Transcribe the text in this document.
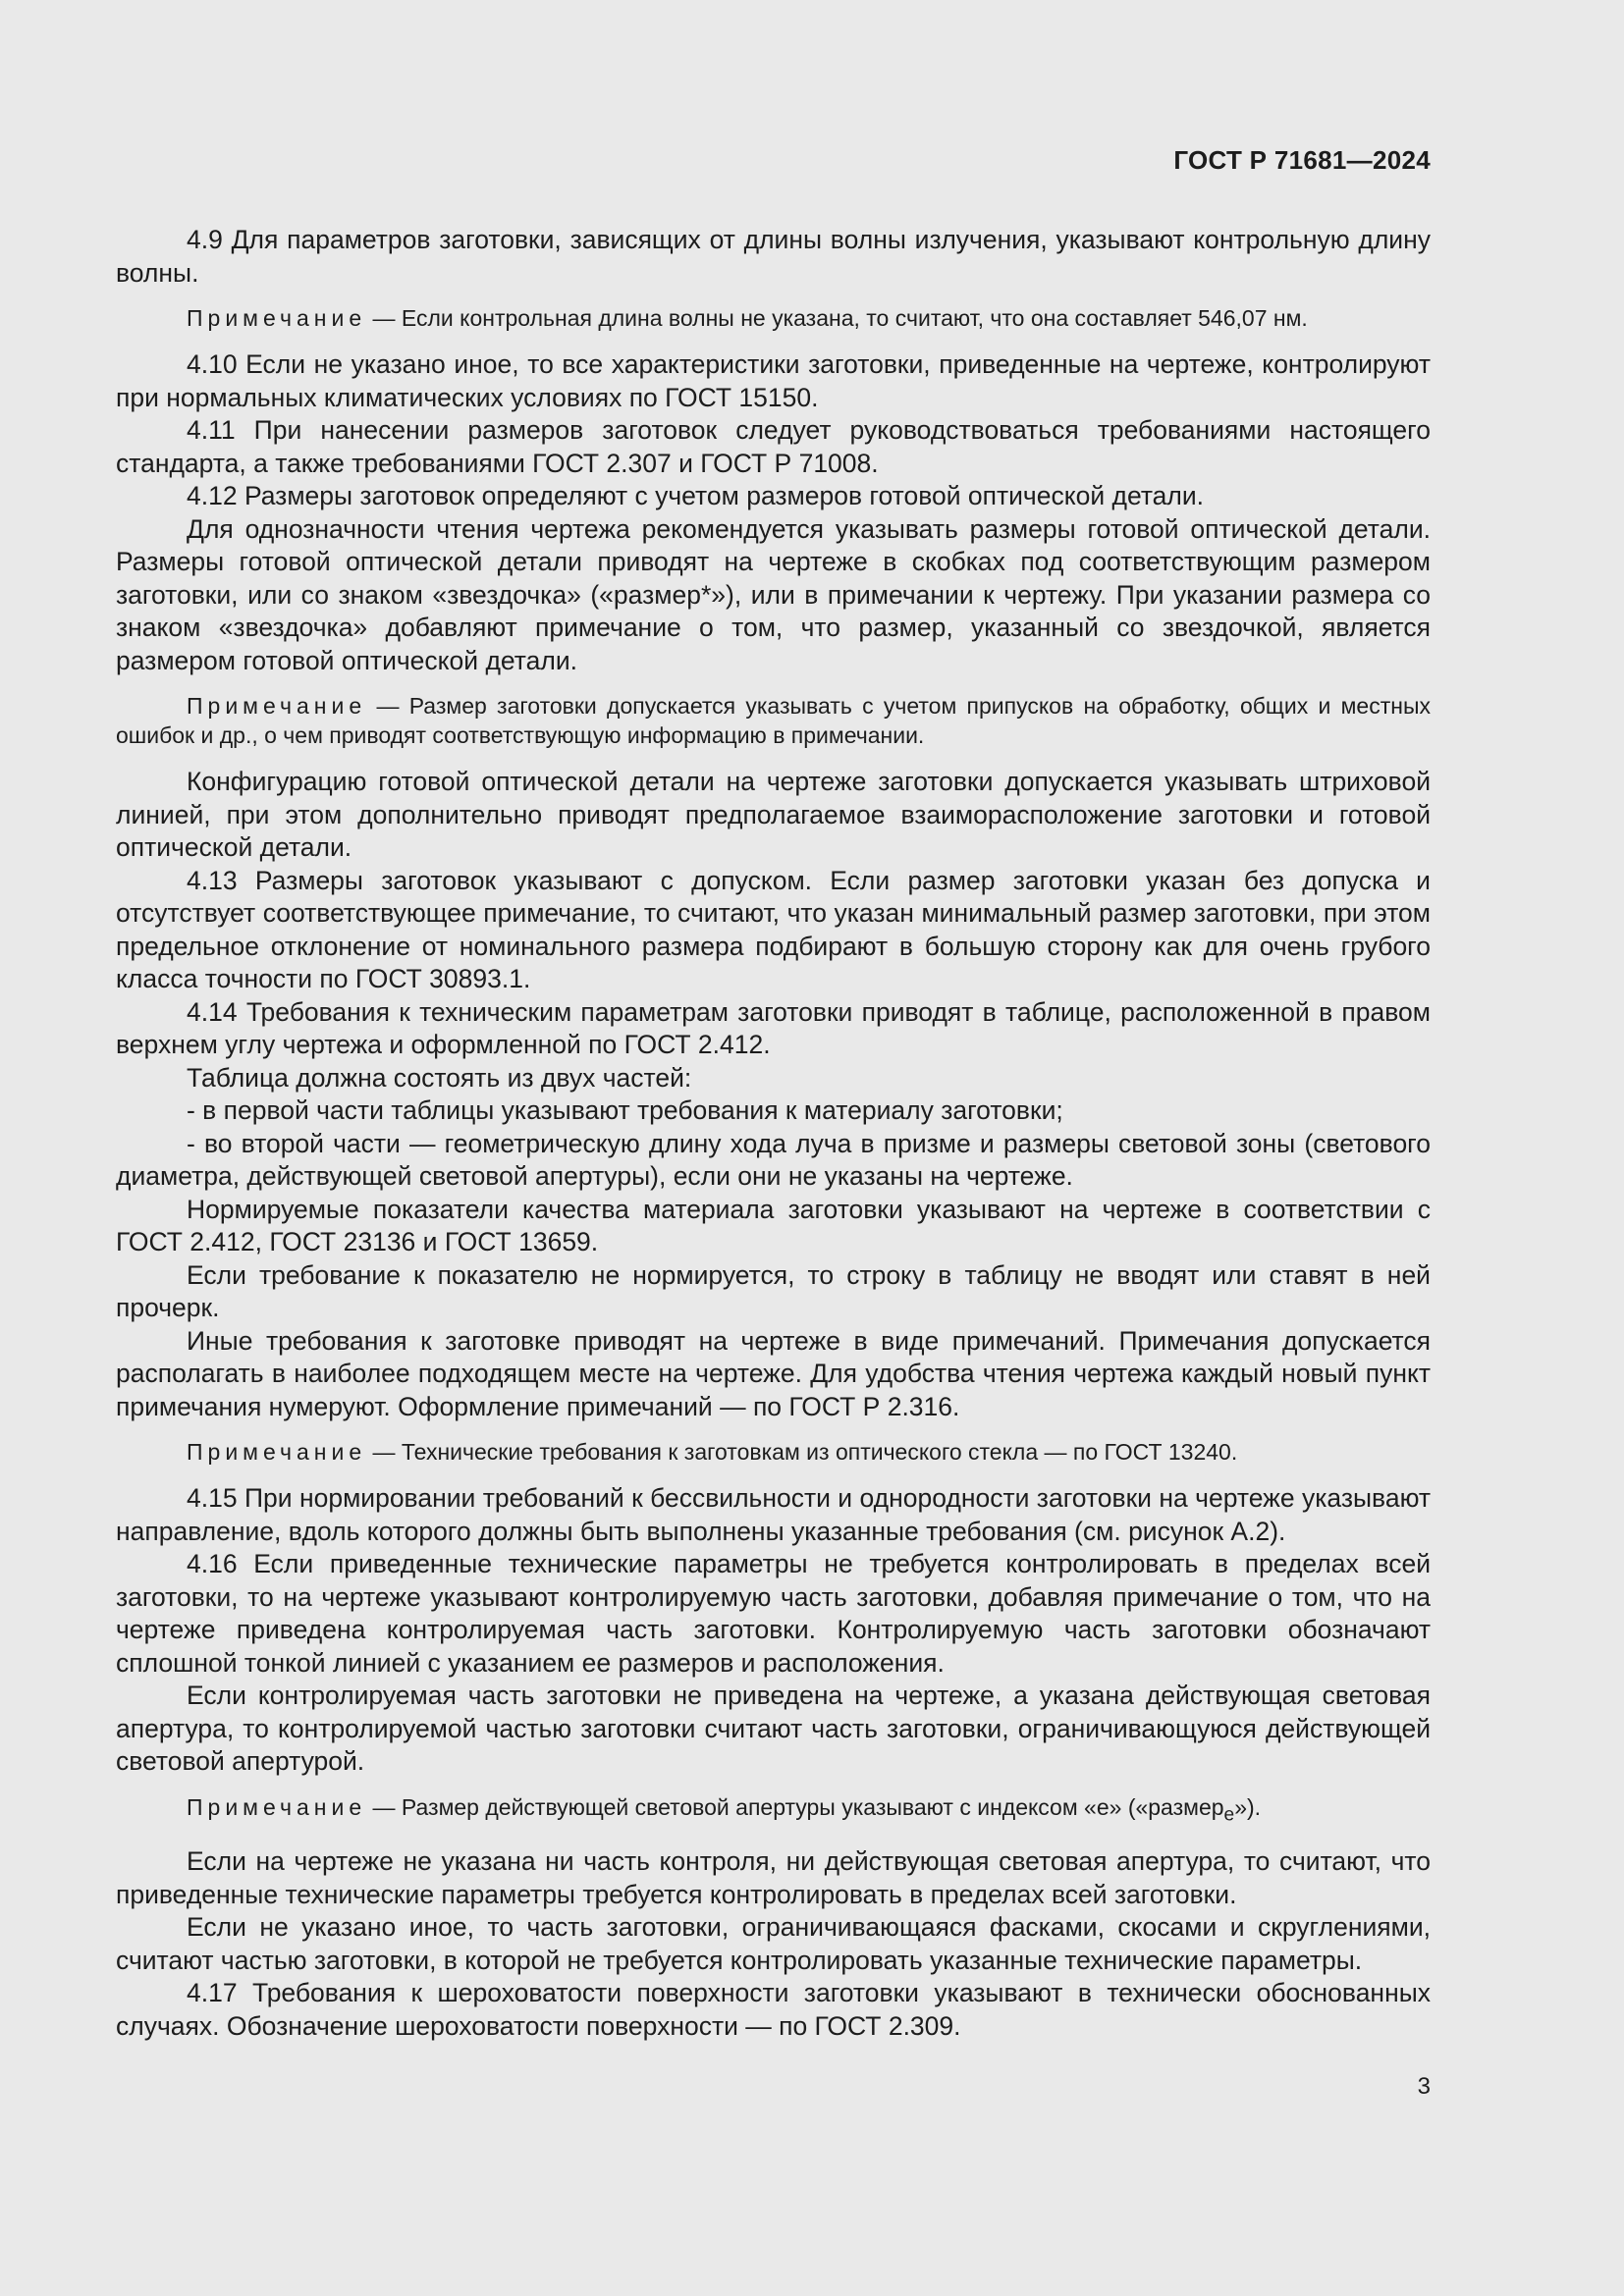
ГОСТ Р 71681—2024

4.9 Для параметров заготовки, зависящих от длины волны излучения, указывают контрольную длину волны.

Примечание — Если контрольная длина волны не указана, то считают, что она составляет 546,07 нм.

4.10 Если не указано иное, то все характеристики заготовки, приведенные на чертеже, контролируют при нормальных климатических условиях по ГОСТ 15150.

4.11 При нанесении размеров заготовок следует руководствоваться требованиями настоящего стандарта, а также требованиями ГОСТ 2.307 и ГОСТ Р 71008.

4.12 Размеры заготовок определяют с учетом размеров готовой оптической детали.

Для однозначности чтения чертежа рекомендуется указывать размеры готовой оптической детали. Размеры готовой оптической детали приводят на чертеже в скобках под соответствующим размером заготовки, или со знаком «звездочка» («размер*»), или в примечании к чертежу. При указании размера со знаком «звездочка» добавляют примечание о том, что размер, указанный со звездочкой, является размером готовой оптической детали.

Примечание — Размер заготовки допускается указывать с учетом припусков на обработку, общих и местных ошибок и др., о чем приводят соответствующую информацию в примечании.

Конфигурацию готовой оптической детали на чертеже заготовки допускается указывать штриховой линией, при этом дополнительно приводят предполагаемое взаиморасположение заготовки и готовой оптической детали.

4.13 Размеры заготовок указывают с допуском. Если размер заготовки указан без допуска и отсутствует соответствующее примечание, то считают, что указан минимальный размер заготовки, при этом предельное отклонение от номинального размера подбирают в большую сторону как для очень грубого класса точности по ГОСТ 30893.1.

4.14 Требования к техническим параметрам заготовки приводят в таблице, расположенной в правом верхнем углу чертежа и оформленной по ГОСТ 2.412.

Таблица должна состоять из двух частей:

- в первой части таблицы указывают требования к материалу заготовки;

- во второй части — геометрическую длину хода луча в призме и размеры световой зоны (светового диаметра, действующей световой апертуры), если они не указаны на чертеже.

Нормируемые показатели качества материала заготовки указывают на чертеже в соответствии с ГОСТ 2.412, ГОСТ 23136 и ГОСТ 13659.

Если требование к показателю не нормируется, то строку в таблицу не вводят или ставят в ней прочерк.

Иные требования к заготовке приводят на чертеже в виде примечаний. Примечания допускается располагать в наиболее подходящем месте на чертеже. Для удобства чтения чертежа каждый новый пункт примечания нумеруют. Оформление примечаний — по ГОСТ Р 2.316.

Примечание — Технические требования к заготовкам из оптического стекла — по ГОСТ 13240.

4.15 При нормировании требований к бессвильности и однородности заготовки на чертеже указывают направление, вдоль которого должны быть выполнены указанные требования (см. рисунок А.2).

4.16 Если приведенные технические параметры не требуется контролировать в пределах всей заготовки, то на чертеже указывают контролируемую часть заготовки, добавляя примечание о том, что на чертеже приведена контролируемая часть заготовки. Контролируемую часть заготовки обозначают сплошной тонкой линией с указанием ее размеров и расположения.

Если контролируемая часть заготовки не приведена на чертеже, а указана действующая световая апертура, то контролируемой частью заготовки считают часть заготовки, ограничивающуюся действующей световой апертурой.

Примечание — Размер действующей световой апертуры указывают с индексом «e» («размер$_e$»).

Если на чертеже не указана ни часть контроля, ни действующая световая апертура, то считают, что приведенные технические параметры требуется контролировать в пределах всей заготовки.

Если не указано иное, то часть заготовки, ограничивающаяся фасками, скосами и скруглениями, считают частью заготовки, в которой не требуется контролировать указанные технические параметры.

4.17 Требования к шероховатости поверхности заготовки указывают в технически обоснованных случаях. Обозначение шероховатости поверхности — по ГОСТ 2.309.

3
